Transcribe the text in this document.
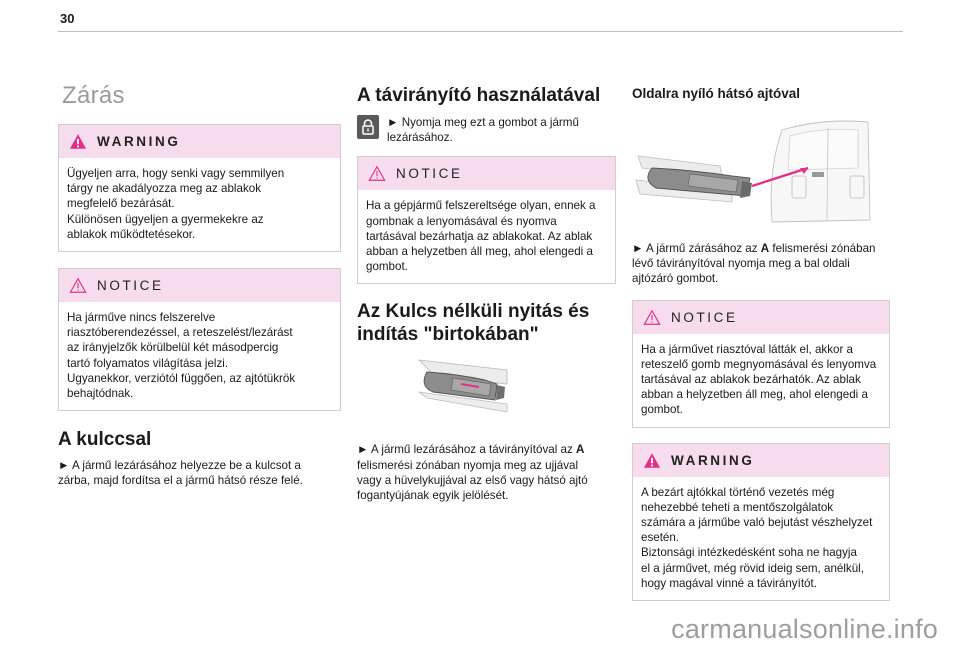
30
Zárás
WARNING

Ügyeljen arra, hogy senki vagy semmilyen

tárgy ne akadályozza meg az ablakok

megfelelő bezárását.

Különösen ügyeljen a gyermekekre az

ablakok működtetésekor.

NOTICE

Ha járműve nincs felszerelve

riasztóberendezéssel, a reteszelést/lezárást

az irányjelzők körülbelül két másodpercig

tartó folyamatos világítása jelzi.

Ugyanekkor, verziótól függően, az ajtótükrök

behajtódnak.

A kulccsal

► A jármű lezárásához helyezze be a kulcsot a

zárba, majd fordítsa el a jármű hátsó része felé.

A távirányító használatával

► Nyomja meg ezt a gombot a jármű

lezárásához.

NOTICE

Ha a gépjármű felszereltsége olyan, ennek a

gombnak a lenyomásával és nyomva

tartásával bezárhatja az ablakokat. Az ablak

abban a helyzetben áll meg, ahol elengedi a

gombot.

Az Kulcs nélküli nyitás és
indítás "birtokában"

► A jármű lezárásához a távirányítóval az A

felismerési zónában nyomja meg az ujjával

vagy a hüvelykujjával az első vagy hátsó ajtó

fogantyújának egyik jelölését.

Oldalra nyíló hátsó ajtóval

► A jármű zárásához az A felismerési zónában

lévő távirányítóval nyomja meg a bal oldali

ajtózáró gombot.

NOTICE

Ha a járművet riasztóval látták el, akkor a

reteszelő gomb megnyomásával és lenyomva

tartásával az ablakok bezárhatók. Az ablak

abban a helyzetben áll meg, ahol elengedi a

gombot.

WARNING

A bezárt ajtókkal történő vezetés még

nehezebbé teheti a mentőszolgálatok

számára a járműbe való bejutást vészhelyzet

esetén.

Biztonsági intézkedésként soha ne hagyja

el a járművet, még rövid ideig sem, anélkül,

hogy magával vinné a távirányítót.

carmanualsonline.info
